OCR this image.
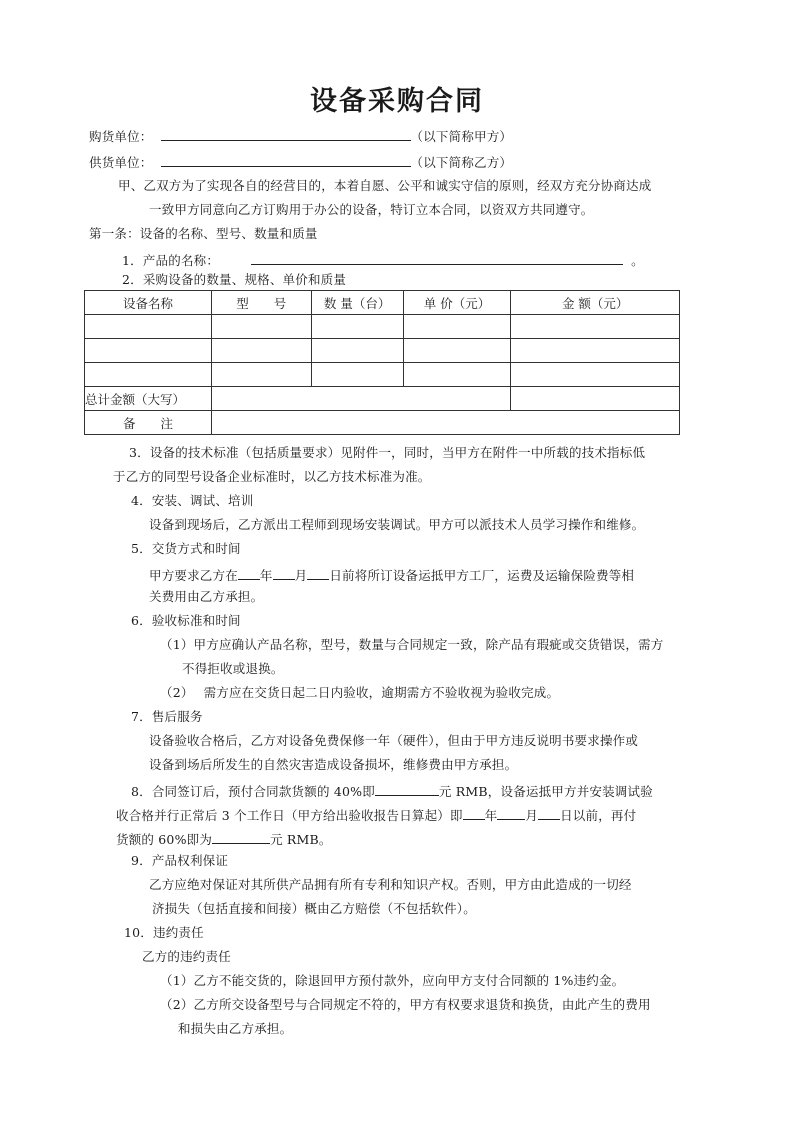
设备采购合同
购货单位：	（以下简称甲方）
供货单位：	（以下简称乙方）
甲、乙双方为了实现各自的经营目的，本着自愿、公平和诚实守信的原则，经双方充分协商达成
一致甲方同意向乙方订购用于办公的设备，特订立本合同，以资双方共同遵守。
第一条：设备的名称、型号、数量和质量
1．产品的名称：	。
2．采购设备的数量、规格、单价和质量
设备名称	型　　号	数 量（台）	单 价（元）	金 额（元）

总计金额（大写）				
备　　注				
3．设备的技术标准（包括质量要求）见附件一，同时，当甲方在附件一中所载的技术指标低
于乙方的同型号设备企业标准时，以乙方技术标准为准。
4．安装、调试、培训
设备到现场后，乙方派出工程师到现场安装调试。甲方可以派技术人员学习操作和维修。
5．交货方式和时间
甲方要求乙方在 年 月 日前将所订设备运抵甲方工厂，运费及运输保险费等相
关费用由乙方承担。
6．验收标准和时间
（1）甲方应确认产品名称，型号，数量与合同规定一致，除产品有瑕疵或交货错误，需方
不得拒收或退换。
（2） 需方应在交货日起二日内验收，逾期需方不验收视为验收完成。
7．售后服务
设备验收合格后，乙方对设备免费保修一年（硬件），但由于甲方违反说明书要求操作或
设备到场后所发生的自然灾害造成设备损坏，维修费由甲方承担。
8．合同签订后，预付合同款货额的 40%即	元 RMB，设备运抵甲方并安装调试验
收合格并行正常后 3 个工作日（甲方给出验收报告日算起）即 年 月 日以前，再付
货额的 60%即为	元 RMB。
9．产品权利保证
乙方应绝对保证对其所供产品拥有所有专利和知识产权。否则，甲方由此造成的一切经
济损失（包括直接和间接）概由乙方赔偿（不包括软件）。
10．违约责任
乙方的违约责任
（1）乙方不能交货的，除退回甲方预付款外，应向甲方支付合同额的 1%违约金。
（2）乙方所交设备型号与合同规定不符的，甲方有权要求退货和换货，由此产生的费用
和损失由乙方承担。
